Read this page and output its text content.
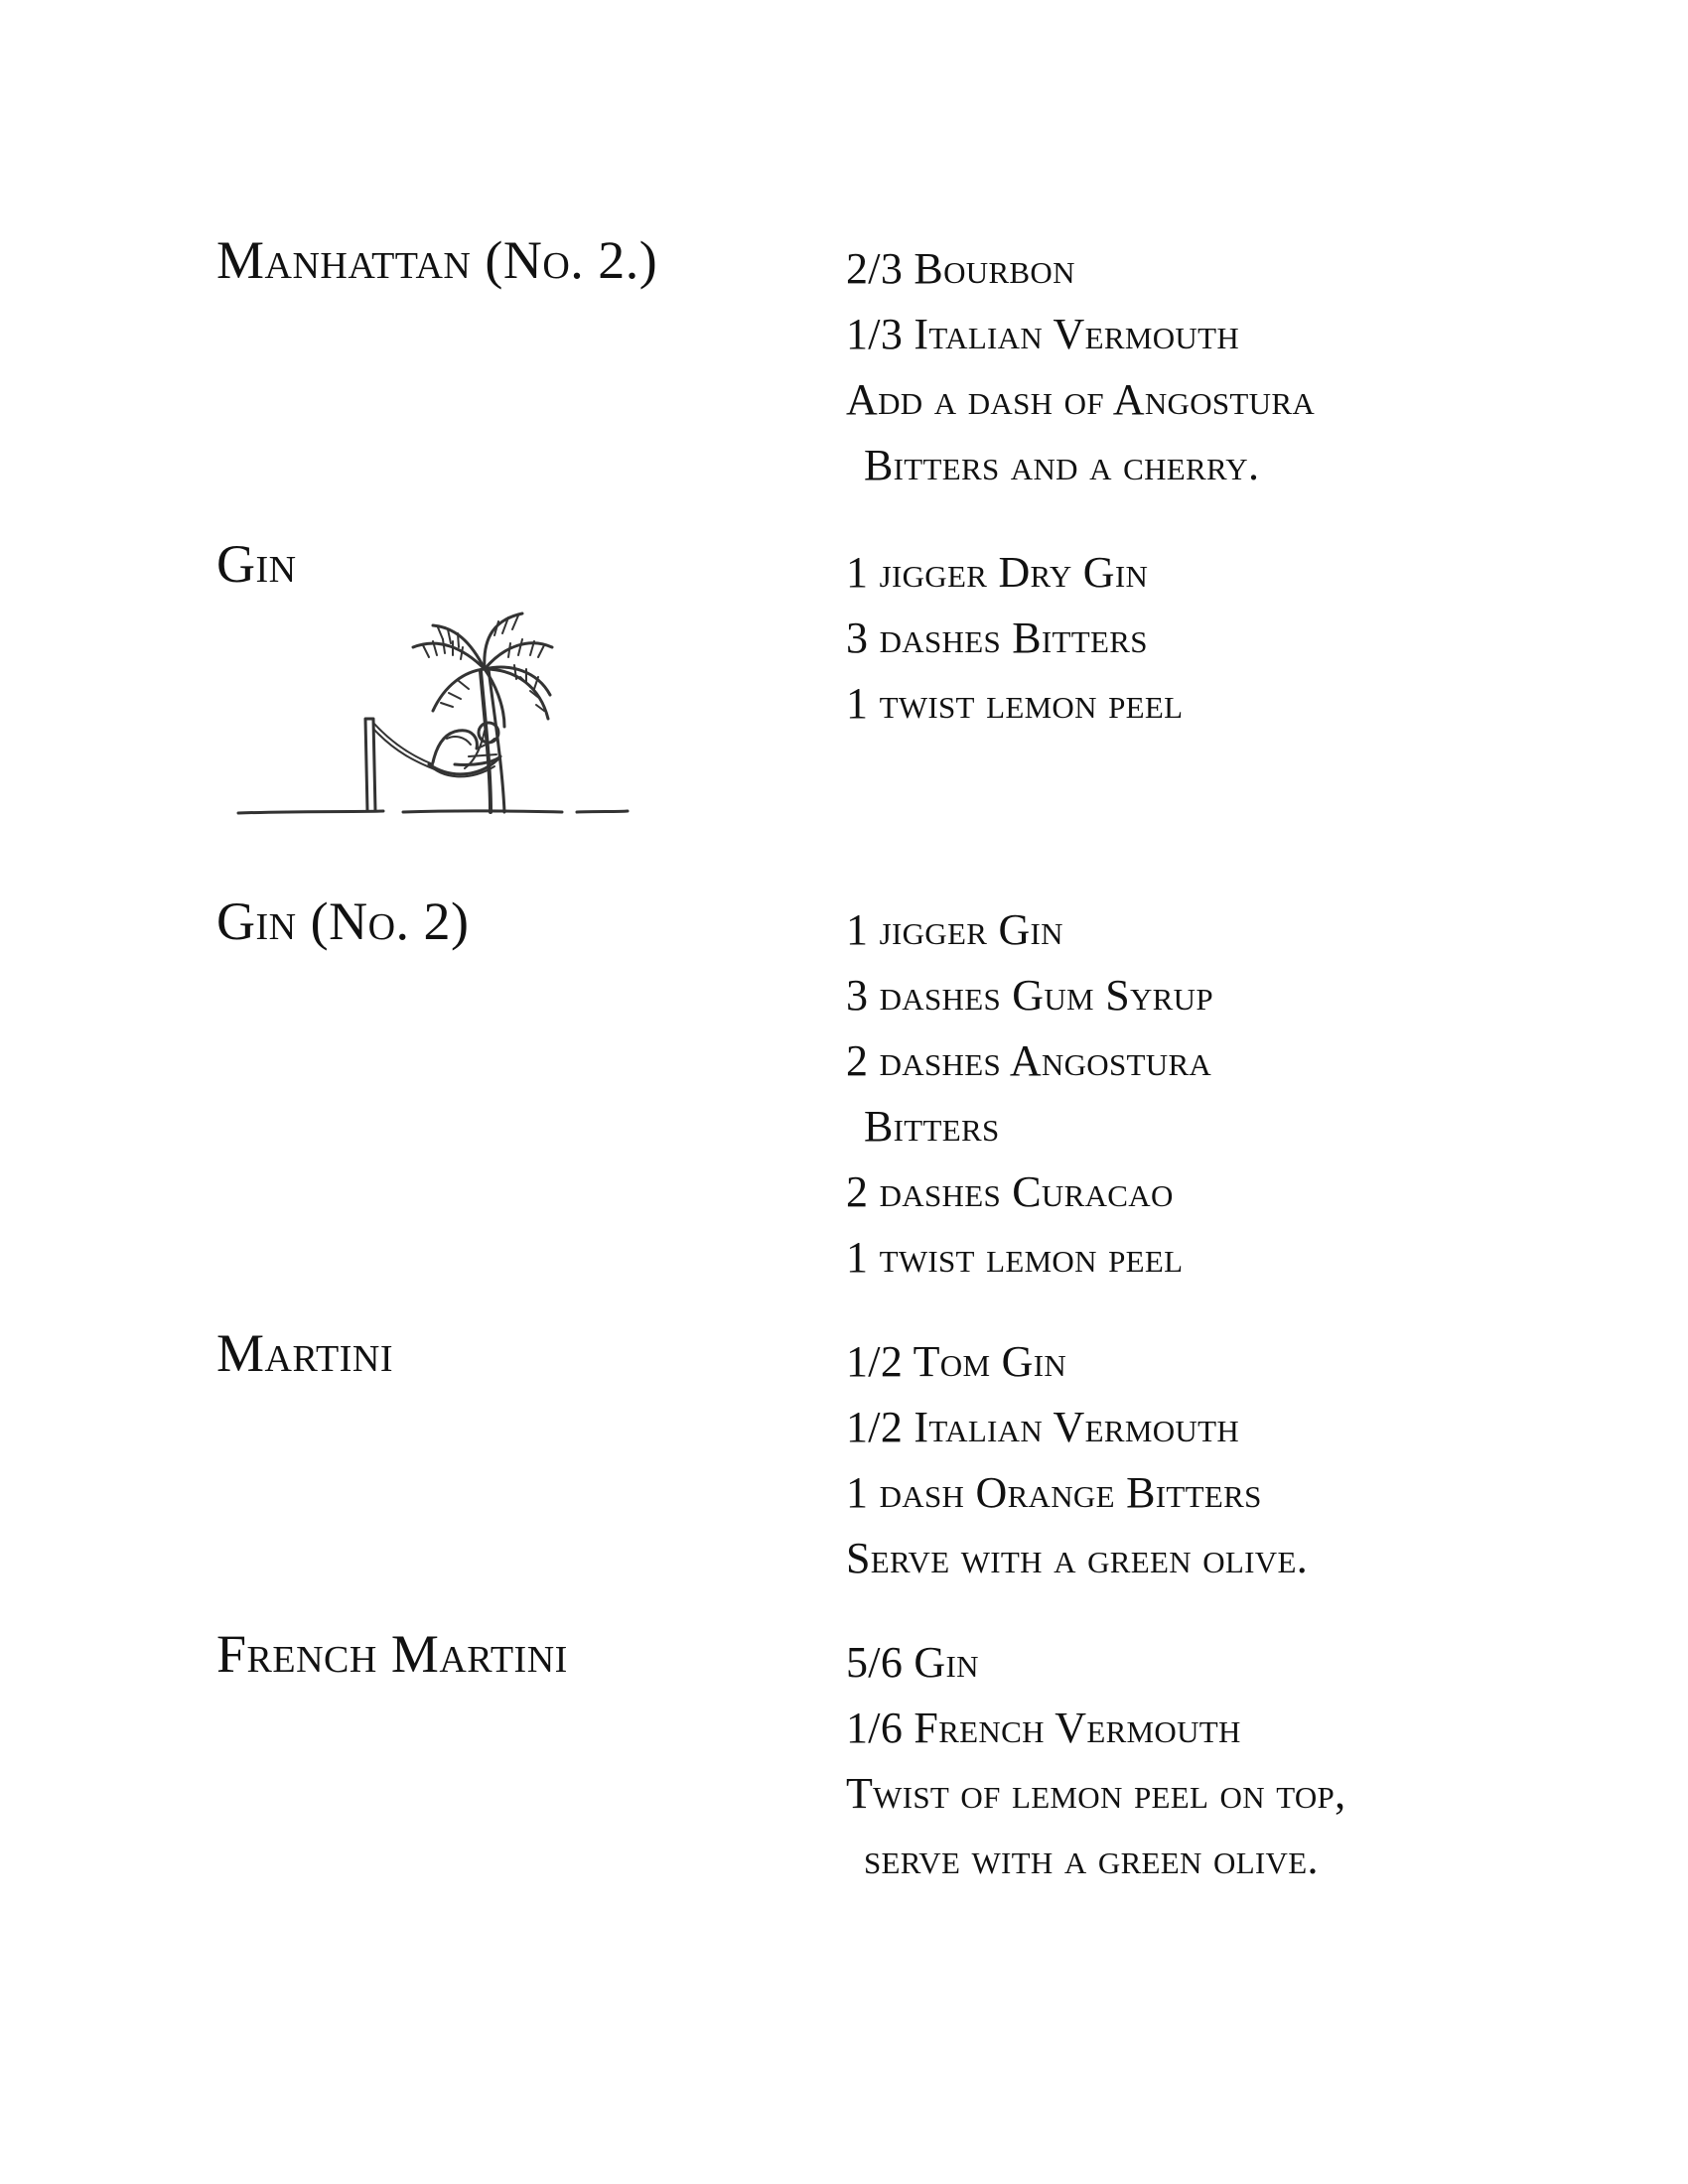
Manhattan (No. 2.)	2/3 Bourbon
1/3 Italian Vermouth
Add a dash of Angostura
Bitters and a cherry.
Gin	1 jigger Dry Gin
3 dashes Bitters
1 twist lemon peel
Gin (No. 2)	1 jigger Gin
3 dashes Gum Syrup
2 dashes Angostura
Bitters
2 dashes Curacao
1 twist lemon peel
Martini	1/2 Tom Gin
1/2 Italian Vermouth
1 dash Orange Bitters
Serve with a green olive.
French Martini	5/6 Gin
1/6 French Vermouth
Twist of lemon peel on top,
serve with a green olive.
